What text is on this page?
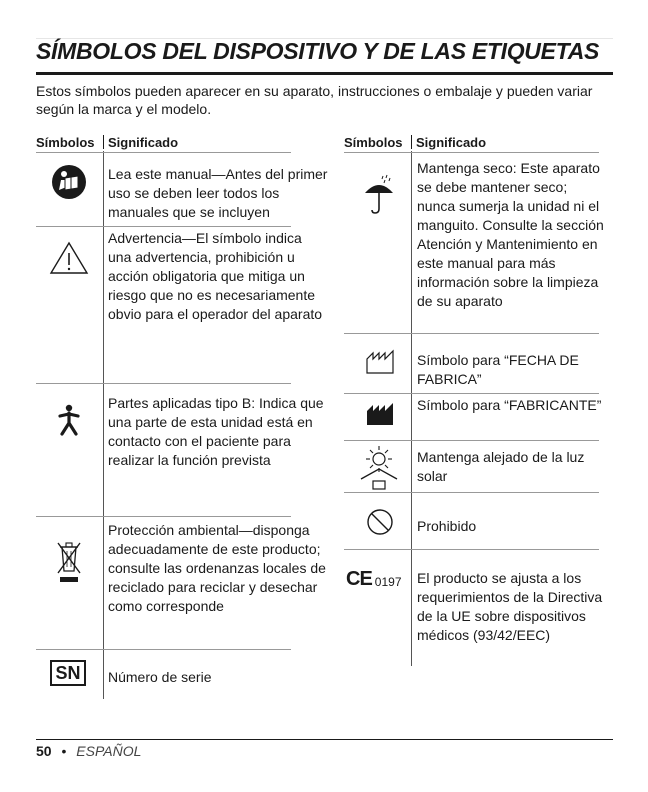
SÍMBOLOS DEL DISPOSITIVO Y DE LAS ETIQUETAS
Estos símbolos pueden aparecer en su aparato, instrucciones o embalaje y pueden variar según la marca y el modelo.
Símbolos Significado	Símbolos Significado
Lea este manual—Antes del primer uso se deben leer todos los manuales que se incluyen
Advertencia—El símbolo indica una advertencia, prohibición u acción obligatoria que mitiga un riesgo que no es necesariamente obvio para el operador del aparato
Partes aplicadas tipo B: Indica que una parte de esta unidad está en contacto con el paciente para realizar la función prevista
Protección ambiental—disponga adecuadamente de este producto; consulte las ordenanzas locales de reciclado para reciclar y desechar como corresponde
SN	Número de serie
Mantenga seco: Este aparato se debe mantener seco; nunca sumerja la unidad ni el manguito. Consulte la sección Atención y Mantenimiento en este manual para más información sobre la limpieza de su aparato
Símbolo para “FECHA DE FABRICA”
Símbolo para “FABRICANTE”
Mantenga alejado de la luz solar
Prohibido
CE 0197 El producto se ajusta a los requerimientos de la Directiva de la UE sobre dispositivos médicos (93/42/EEC)
50 • ESPAÑOL
